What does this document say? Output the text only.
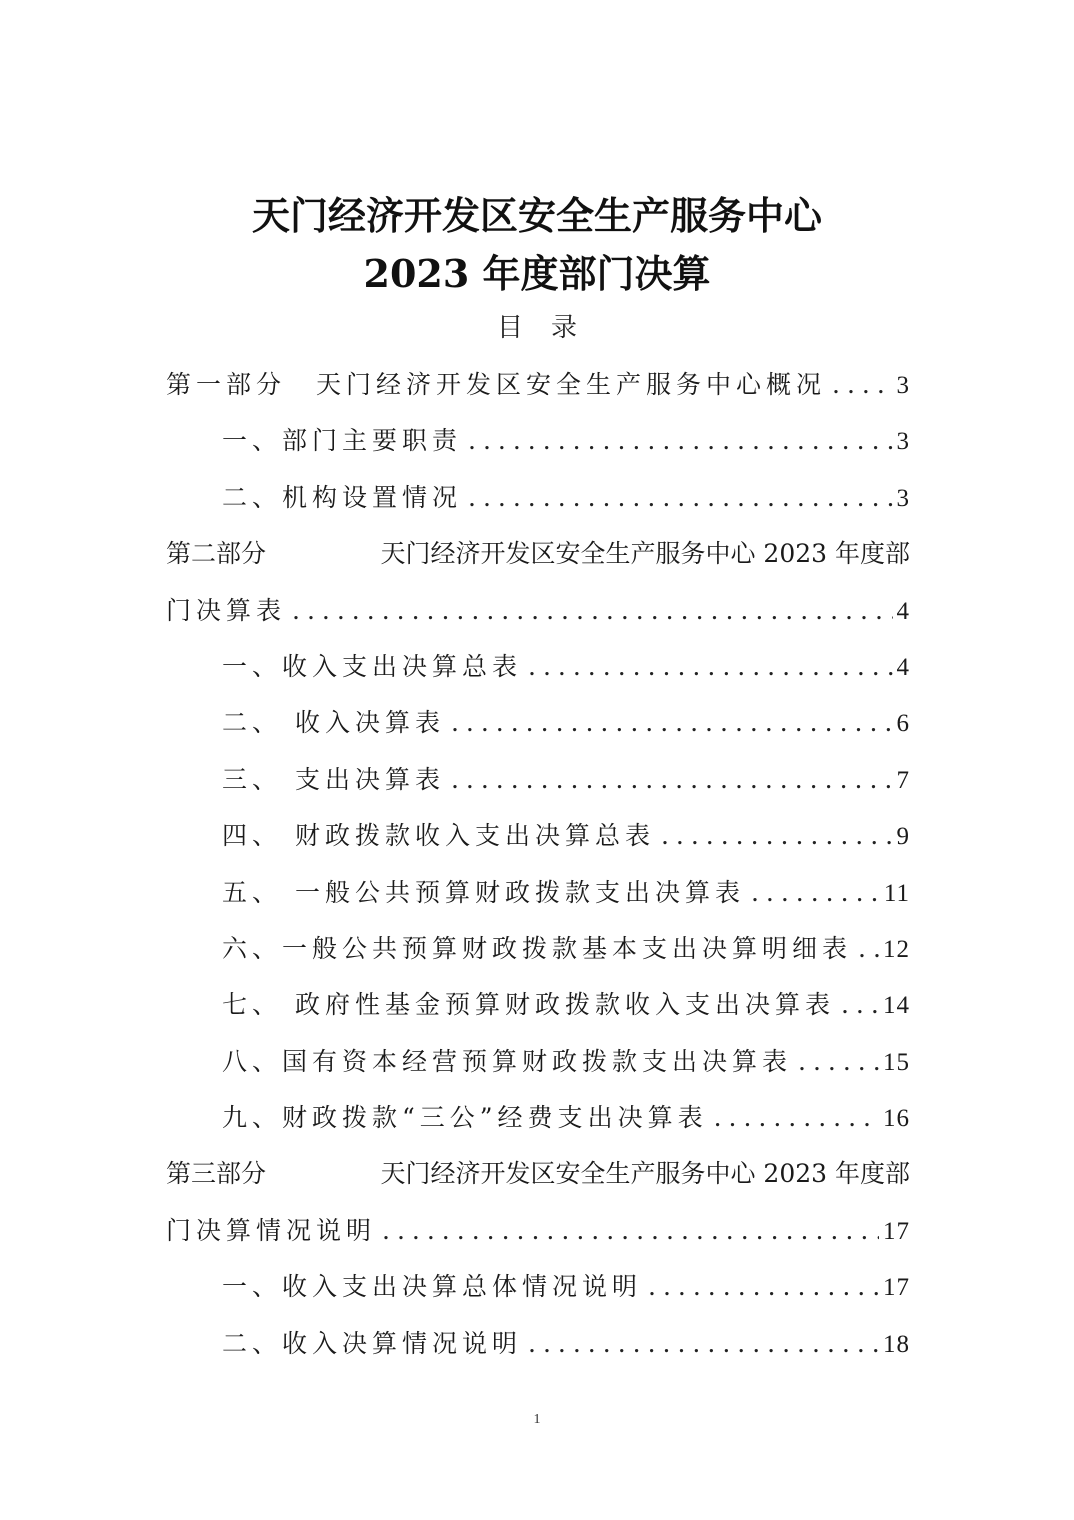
天门经济开发区安全生产服务中心
2023 年度部门决算
目录
第一部分　天门经济开发区安全生产服务中心概况 .....	3
一、部门主要职责 .....	3
二、机构设置情况 .....	3
第二部分	天门经济开发区安全生产服务中心 2023 年度部
门决算表 .....	4
一、收入支出决算总表 .....	4
二、 收入决算表 .....	6
三、 支出决算表 .....	7
四、 财政拨款收入支出决算总表 .....	9
五、 一般公共预算财政拨款支出决算表 .....	11
六、一般公共预算财政拨款基本支出决算明细表 ..... 12
七、 政府性基金预算财政拨款收入支出决算表 ..... 14
八、国有资本经营预算财政拨款支出决算表 .....	15
九、财政拨款“三公”经费支出决算表 .....	16
第三部分	天门经济开发区安全生产服务中心 2023 年度部
门决算情况说明 .....	17
一、收入支出决算总体情况说明 .....	17
二、收入决算情况说明 .....	18
1
